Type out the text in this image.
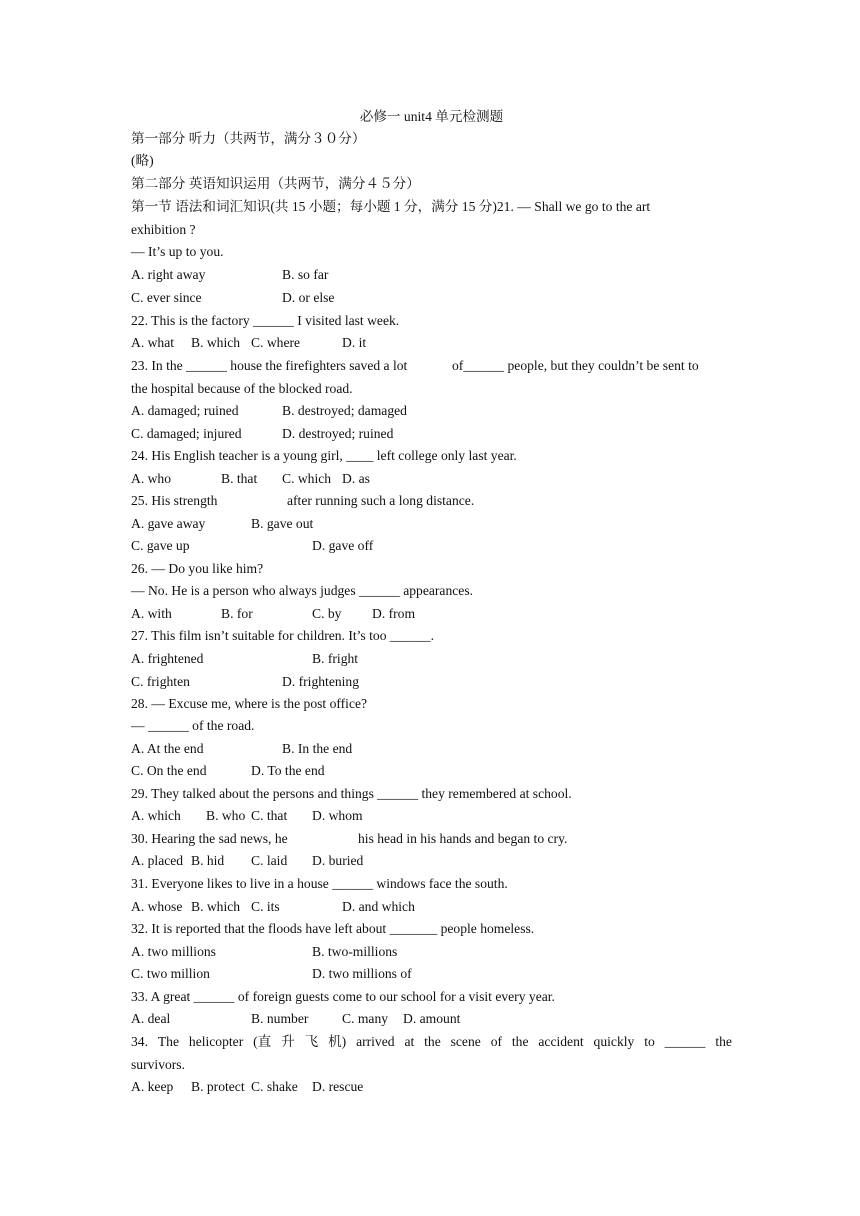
必修一 unit4 单元检测题
第一部分 听力（共两节，满分３０分）
(略)
第二部分 英语知识运用（共两节，满分４５分）
第一节 语法和词汇知识(共 15 小题；每小题 1 分，满分 15 分)21. — Shall we go to the art
exhibition ?
— It’s up to you.
A. right away	B. so far
C. ever since	D. or else
22. This is the factory ______ I visited last week.
A. what B. which C. where	D. it
23. In the ______ house the firefighters saved a lot	of______ people, but they couldn’t be sent to
the hospital because of the blocked road.
A. damaged; ruined	B. destroyed; damaged
C. damaged; injured	D. destroyed; ruined
24. His English teacher is a young girl, ____ left college only last year.
A. who	B. that C. which D. as
25. His strength	after running such a long distance.
A. gave away	B. gave out
C. gave up	D. gave off
26. — Do you like him?
— No. He is a person who always judges ______ appearances.
A. with	B. for	C. by D. from
27. This film isn’t suitable for children. It’s too ______.
A. frightened	B. fright
C. frighten	D. frightening
28. — Excuse me, where is the post office?
— ______ of the road.
A. At the end	B. In the end
C. On the end	D. To the end
29. They talked about the persons and things ______ they remembered at school.
A. which B. who C. that D. whom
30. Hearing the sad news, he	his head in his hands and began to cry.
A. placed B. hid C. laid D. buried
31. Everyone likes to live in a house ______ windows face the south.
A. whose B. which C. its	D. and which
32. It is reported that the floods have left about _______ people homeless.
A. two millions	B. two-millions
C. two million	D. two millions of
33. A great ______ of foreign guests come to our school for a visit every year.
A. deal	B. number C. many D. amount
34. The helicopter (直 升 飞 机) arrived at the scene of the accident quickly to ______ the
survivors.
A. keep B. protect C. shake D. rescue
